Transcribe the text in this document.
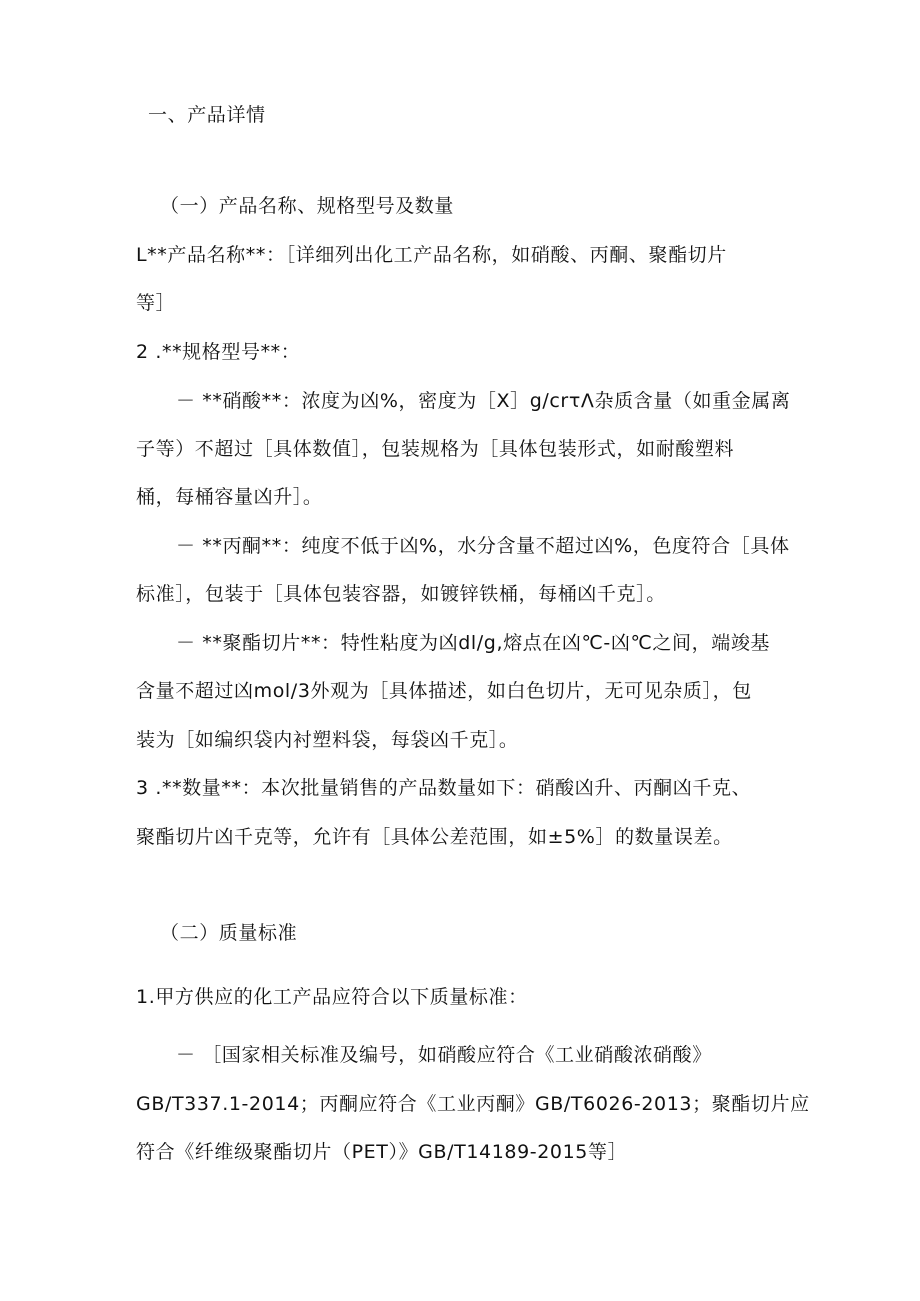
一、产品详情

（一）产品名称、规格型号及数量

L**产品名称**：［详细列出化工产品名称，如硝酸、丙酮、聚酯切片

等］

2 .**规格型号**：

－ **硝酸**：浓度为凶%，密度为［X］g∕crτΛ杂质含量（如重金属离

子等）不超过［具体数值］，包装规格为［具体包装形式，如耐酸塑料

桶，每桶容量凶升］。

－ **丙酮**：纯度不低于凶%，水分含量不超过凶%，色度符合［具体

标准］，包装于［具体包装容器，如镀锌铁桶，每桶凶千克］。

－ **聚酯切片**：特性粘度为凶dl∕g,熔点在凶℃-凶℃之间，端竣基

含量不超过凶mol/3外观为［具体描述，如白色切片，无可见杂质］，包

装为［如编织袋内衬塑料袋，每袋凶千克］。

3 .**数量**：本次批量销售的产品数量如下：硝酸凶升、丙酮凶千克、

聚酯切片凶千克等，允许有［具体公差范围，如±5%］的数量误差。

（二）质量标准

1.甲方供应的化工产品应符合以下质量标准：

－ ［国家相关标准及编号，如硝酸应符合《工业硝酸浓硝酸》

GB/T337.1-2014；丙酮应符合《工业丙酮》GB/T6026-2013；聚酯切片应

符合《纤维级聚酯切片（PET）》GB/T14189-2015等］
